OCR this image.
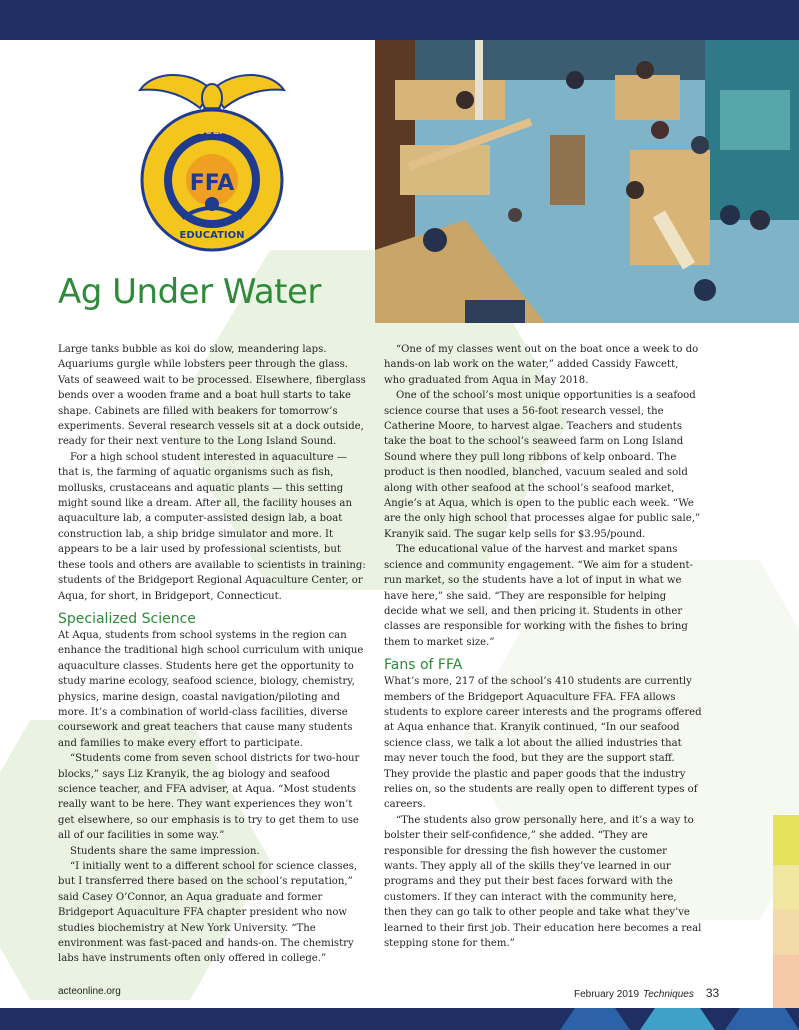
FFA
AGRICULTURAL
EDUCATION
Ag Under Water

Large tanks bubble as koi do slow, meandering laps. Aquariums gurgle while lobsters peer through the glass. Vats of seaweed wait to be processed. Elsewhere, fiberglass bends over a wooden frame and a boat hull starts to take shape. Cabinets are filled with beakers for tomorrow’s experiments. Several research vessels sit at a dock outside, ready for their next venture to the Long Island Sound.

For a high school student interested in aquaculture — that is, the farming of aquatic organisms such as fish, mollusks, crustaceans and aquatic plants — this setting might sound like a dream. After all, the facility houses an aquaculture lab, a computer-assisted design lab, a boat construction lab, a ship bridge simulator and more. It appears to be a lair used by professional scientists, but these tools and others are available to scientists in training: students of the Bridgeport Regional Aquaculture Center, or Aqua, for short, in Bridgeport, Connecticut.

Specialized Science

At Aqua, students from school systems in the region can enhance the traditional high school curriculum with unique aquaculture classes. Students here get the opportunity to study marine ecology, seafood science, biology, chemistry, physics, marine design, coastal navigation/piloting and more. It’s a combination of world-class facilities, diverse coursework and great teachers that cause many students and families to make every effort to participate.

“Students come from seven school districts for two-hour blocks,” says Liz Kranyik, the ag biology and seafood science teacher, and FFA adviser, at Aqua. “Most students really want to be here. They want experiences they won’t get elsewhere, so our emphasis is to try to get them to use all of our facilities in some way.”

Students share the same impression.

“I initially went to a different school for science classes, but I transferred there based on the school’s reputation,” said Casey O’Connor, an Aqua graduate and former Bridgeport Aquaculture FFA chapter president who now studies biochemistry at New York University. “The environment was fast-paced and hands-on. The chemistry labs have instruments often only offered in college.”

“One of my classes went out on the boat once a week to do hands-on lab work on the water,” added Cassidy Fawcett, who graduated from Aqua in May 2018.

One of the school’s most unique opportunities is a seafood science course that uses a 56-foot research vessel, the Catherine Moore, to harvest algae. Teachers and students take the boat to the school’s seaweed farm on Long Island Sound where they pull long ribbons of kelp onboard. The product is then noodled, blanched, vacuum sealed and sold along with other seafood at the school’s seafood market, Angie’s at Aqua, which is open to the public each week. “We are the only high school that processes algae for public sale,” Kranyik said. The sugar kelp sells for $3.95/pound.

The educational value of the harvest and market spans science and community engagement. “We aim for a student-run market, so the students have a lot of input in what we have here,” she said. “They are responsible for helping decide what we sell, and then pricing it. Students in other classes are responsible for working with the fishes to bring them to market size.”

Fans of FFA

What’s more, 217 of the school’s 410 students are currently members of the Bridgeport Aquaculture FFA. FFA allows students to explore career interests and the programs offered at Aqua enhance that. Kranyik continued, “In our seafood science class, we talk a lot about the allied industries that may never touch the food, but they are the support staff. They provide the plastic and paper goods that the industry relies on, so the students are really open to different types of careers.

“The students also grow personally here, and it’s a way to bolster their self-confidence,” she added. “They are responsible for dressing the fish however the customer wants. They apply all of the skills they’ve learned in our programs and they put their best faces forward with the customers. If they can interact with the community here, then they can go talk to other people and take what they’ve learned to their first job. Their education here becomes a real stepping stone for them.”

acteonline.org	February 2019 Techniques 33
